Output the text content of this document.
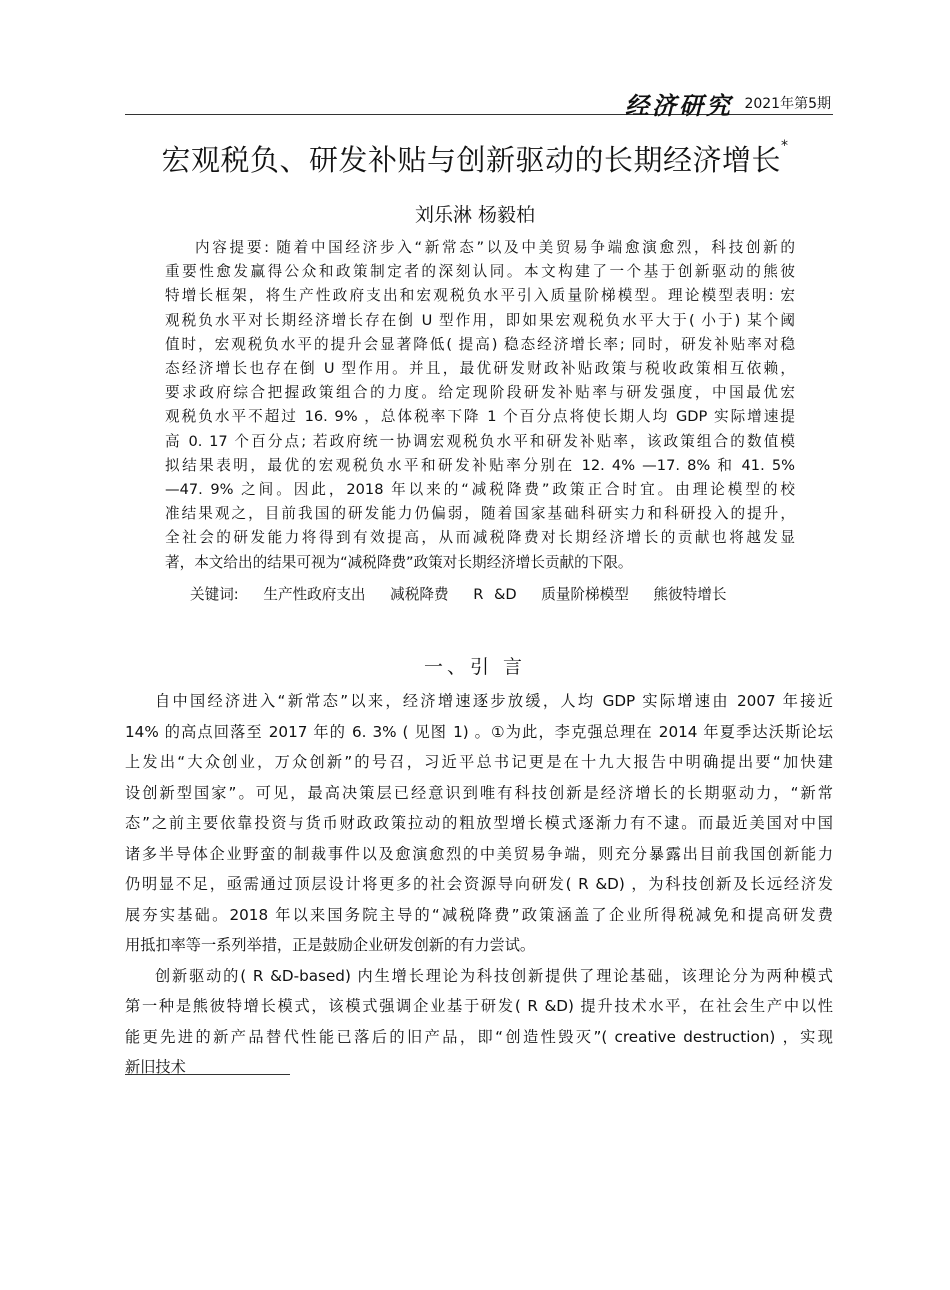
经济研究 2021年第5期
宏观税负、研发补贴与创新驱动的长期经济增长*
刘乐淋 杨毅柏
内容提要: 随着中国经济步入“新常态”以及中美贸易争端愈演愈烈，科技创新的
重要性愈发赢得公众和政策制定者的深刻认同。本文构建了一个基于创新驱动的熊彼
特增长框架，将生产性政府支出和宏观税负水平引入质量阶梯模型。理论模型表明: 宏
观税负水平对长期经济增长存在倒 U 型作用，即如果宏观税负水平大于( 小于) 某个阈
值时，宏观税负水平的提升会显著降低( 提高) 稳态经济增长率; 同时，研发补贴率对稳
态经济增长也存在倒 U 型作用。并且，最优研发财政补贴政策与税收政策相互依赖，
要求政府综合把握政策组合的力度。给定现阶段研发补贴率与研发强度，中国最优宏
观税负水平不超过 16. 9% ，总体税率下降 1 个百分点将使长期人均 GDP 实际增速提
高 0. 17 个百分点; 若政府统一协调宏观税负水平和研发补贴率，该政策组合的数值模
拟结果表明，最优的宏观税负水平和研发补贴率分别在 12. 4% —17. 8% 和 41. 5%
—47. 9% 之间。因此，2018 年以来的“减税降费”政策正合时宜。由理论模型的校
准结果观之，目前我国的研发能力仍偏弱，随着国家基础科研实力和科研投入的提升，
全社会的研发能力将得到有效提高，从而减税降费对长期经济增长的贡献也将越发显
著，本文给出的结果可视为“减税降费”政策对长期经济增长贡献的下限。
关键词: 生产性政府支出 减税降费 R &D 质量阶梯模型 熊彼特增长
一、引 言
自中国经济进入“新常态”以来，经济增速逐步放缓，人均 GDP 实际增速由 2007 年接近
14% 的高点回落至 2017 年的 6. 3% ( 见图 1) 。①为此，李克强总理在 2014 年夏季达沃斯论坛
上发出“大众创业，万众创新”的号召，习近平总书记更是在十九大报告中明确提出要“加快建
设创新型国家”。可见，最高决策层已经意识到唯有科技创新是经济增长的长期驱动力，“新常
态”之前主要依靠投资与货币财政政策拉动的粗放型增长模式逐渐力有不逮。而最近美国对中国
诸多半导体企业野蛮的制裁事件以及愈演愈烈的中美贸易争端，则充分暴露出目前我国创新能力
仍明显不足，亟需通过顶层设计将更多的社会资源导向研发( R &D) ，为科技创新及长远经济发
展夯实基础。2018 年以来国务院主导的“减税降费”政策涵盖了企业所得税减免和提高研发费
用抵扣率等一系列举措，正是鼓励企业研发创新的有力尝试。
创新驱动的( R &D-based) 内生增长理论为科技创新提供了理论基础，该理论分为两种模式
第一种是熊彼特增长模式，该模式强调企业基于研发( R &D) 提升技术水平，在社会生产中以性
能更先进的新产品替代性能已落后的旧产品，即“创造性毁灭”( creative destruction) ，实现
新旧技术
